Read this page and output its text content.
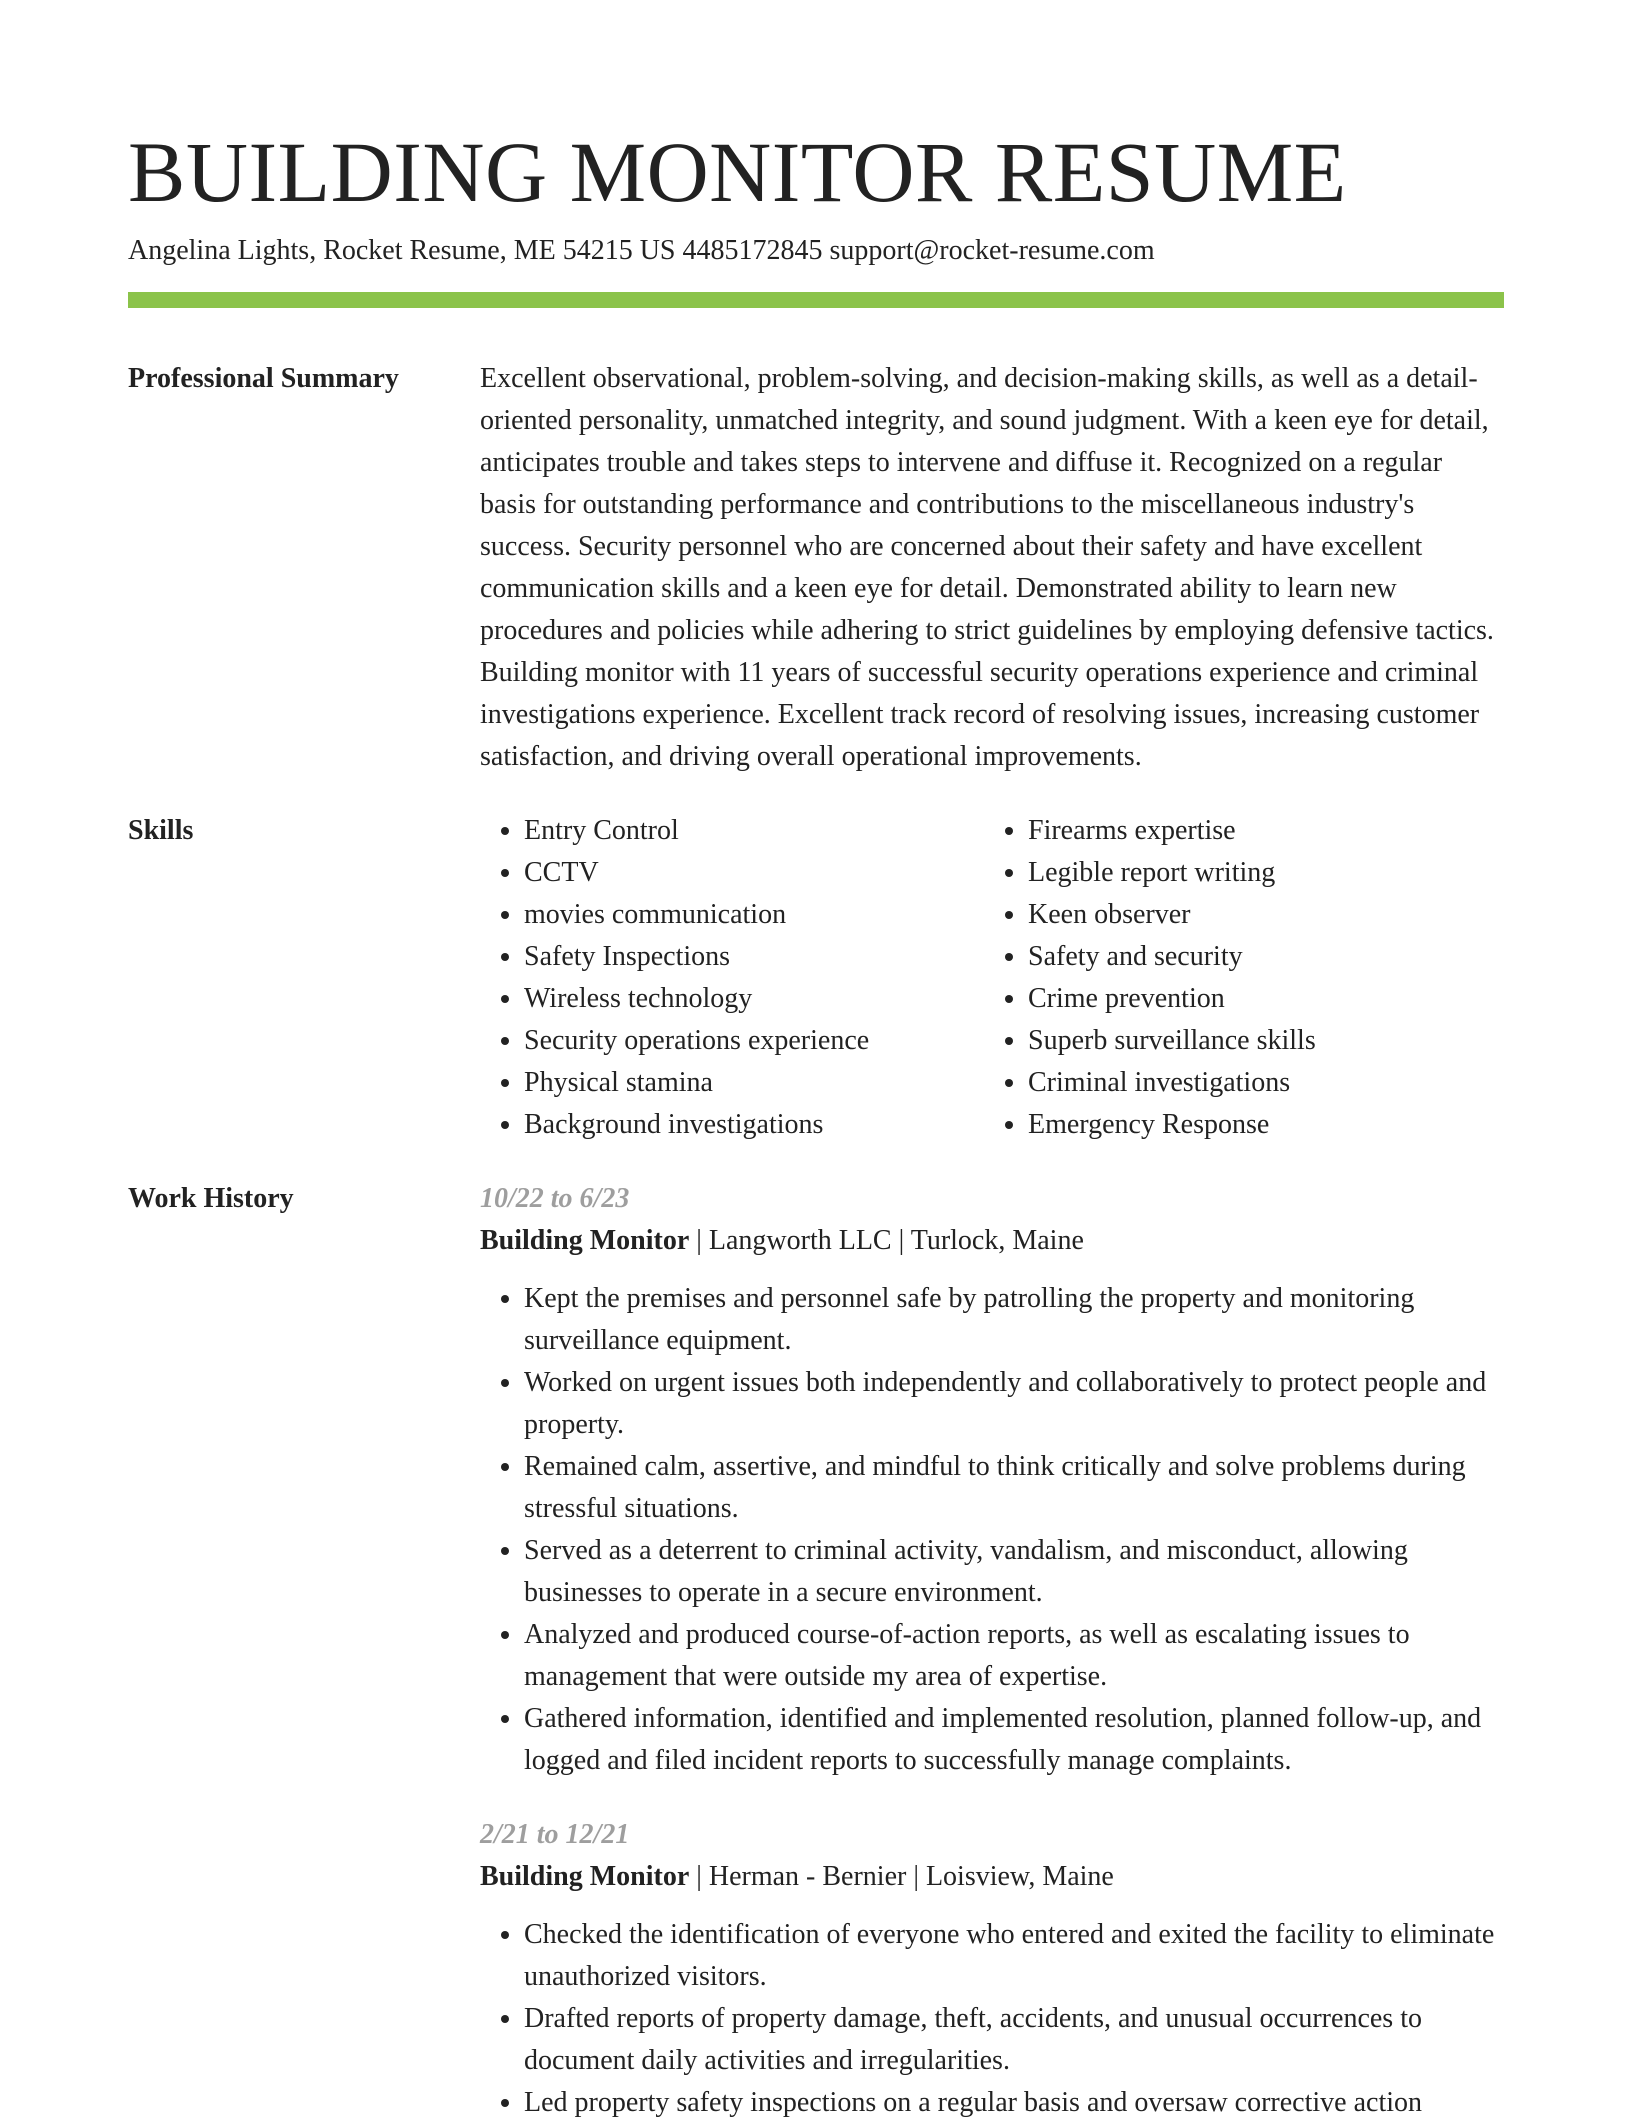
BUILDING MONITOR RESUME
Angelina Lights, Rocket Resume, ME 54215 US 4485172845 support@rocket-resume.com
Professional Summary	Excellent observational, problem-solving, and decision-making skills, as well as a detail-oriented personality, unmatched integrity, and sound judgment. With a keen eye for detail, anticipates trouble and takes steps to intervene and diffuse it. Recognized on a regular basis for outstanding performance and contributions to the miscellaneous industry's success. Security personnel who are concerned about their safety and have excellent communication skills and a keen eye for detail. Demonstrated ability to learn new procedures and policies while adhering to strict guidelines by employing defensive tactics. Building monitor with 11 years of successful security operations experience and criminal investigations experience. Excellent track record of resolving issues, increasing customer satisfaction, and driving overall operational improvements.
Skills
•	Entry Control
• CCTV
• movies communication
• Safety Inspections
• Wireless technology
• Security operations experience
• Physical stamina
• Background investigations
• Firearms expertise
• Legible report writing
• Keen observer
• Safety and security
• Crime prevention
• Superb surveillance skills
• Criminal investigations
• Emergency Response
Work History	10/22 to 6/23
Building Monitor | Langworth LLC | Turlock, Maine
• Kept the premises and personnel safe by patrolling the property and monitoring surveillance equipment.
• Worked on urgent issues both independently and collaboratively to protect people and property.
• Remained calm, assertive, and mindful to think critically and solve problems during stressful situations.
• Served as a deterrent to criminal activity, vandalism, and misconduct, allowing businesses to operate in a secure environment.
• Analyzed and produced course-of-action reports, as well as escalating issues to management that were outside my area of expertise.
• Gathered information, identified and implemented resolution, planned follow-up, and logged and filed incident reports to successfully manage complaints.
2/21 to 12/21
Building Monitor | Herman - Bernier | Loisview, Maine
• Checked the identification of everyone who entered and exited the facility to eliminate unauthorized visitors.
• Drafted reports of property damage, theft, accidents, and unusual occurrences to document daily activities and irregularities.
• Led property safety inspections on a regular basis and oversaw corrective action
